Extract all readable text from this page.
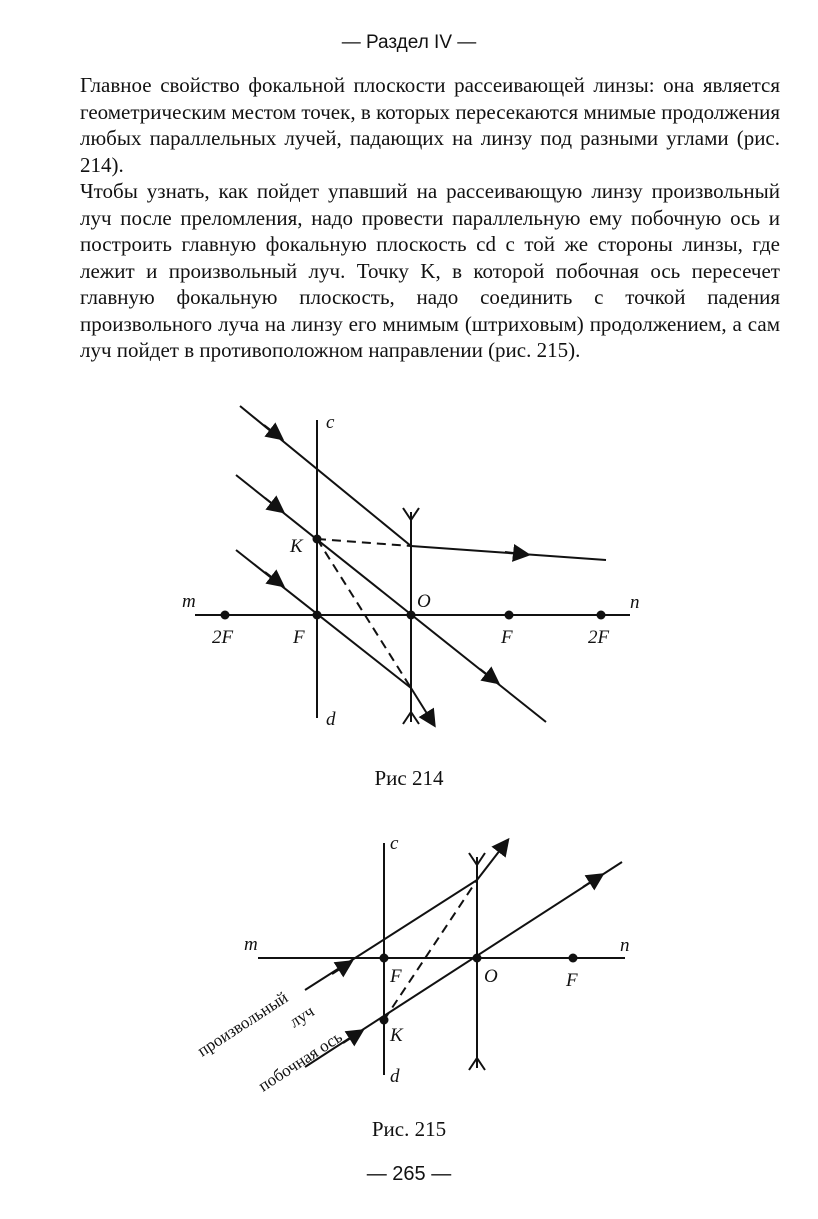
— Раздел IV —

Главное свойство фокальной плоскости рассеивающей линзы: она является геометрическим местом точек, в которых пересекаются мнимые продолжения любых параллельных лучей, падающих на линзу под разными углами (рис. 214).

Чтобы узнать, как пойдет упавший на рассеивающую линзу произвольный луч после преломления, надо провести параллельную ему побочную ось и построить главную фокальную плоскость cd с той же стороны линзы, где лежит и произвольный луч. Точку K, в которой побочная ось пересечет главную фокальную плоскость, надо соединить с точкой падения произвольного луча на линзу его мнимым (штриховым) продолжением, а сам луч пойдет в противоположном направлении (рис. 215).

c
d
m	n
K
O
2F	F	F	2F
Рис 214
c
d
m	n
F	O	F
K
произвольный
луч
побочная ось
Рис. 215
— 265 —
